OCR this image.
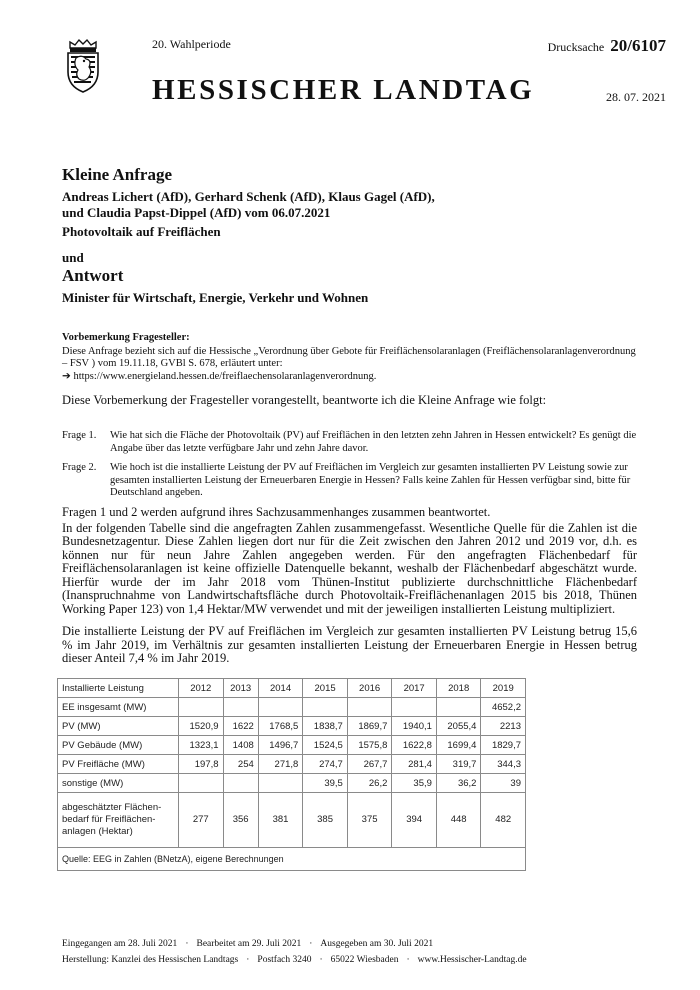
20. Wahlperiode	Drucksache 20/6107
HESSISCHER LANDTAG	28. 07. 2021
Kleine Anfrage
Andreas Lichert (AfD), Gerhard Schenk (AfD), Klaus Gagel (AfD),
und Claudia Papst-Dippel (AfD) vom 06.07.2021
Photovoltaik auf Freiflächen
und
Antwort
Minister für Wirtschaft, Energie, Verkehr und Wohnen
Vorbemerkung Fragesteller:

Diese Anfrage bezieht sich auf die Hessische „Verordnung über Gebote für Freiflächensolaranlagen (Freiflächensolaranlagenverordnung – FSV ) vom 19.11.18, GVBl S. 678, erläutert unter:

➔ https://www.energieland.hessen.de/freiflaechensolaranlagenverordnung.

Diese Vorbemerkung der Fragesteller vorangestellt, beantworte ich die Kleine Anfrage wie folgt:
Frage 1. Wie hat sich die Fläche der Photovoltaik (PV) auf Freiflächen in den letzten zehn Jahren in Hessen entwickelt? Es genügt die Angabe über das letzte verfügbare Jahr und zehn Jahre davor.
Frage 2. Wie hoch ist die installierte Leistung der PV auf Freiflächen im Vergleich zur gesamten installierten PV Leistung sowie zur gesamten installierten Leistung der Erneuerbaren Energie in Hessen? Falls keine Zahlen für Hessen verfügbar sind, bitte für Deutschland angeben.

Fragen 1 und 2 werden aufgrund ihres Sachzusammenhanges zusammen beantwortet.

In der folgenden Tabelle sind die angefragten Zahlen zusammengefasst. Wesentliche Quelle für die Zahlen ist die Bundesnetzagentur. Diese Zahlen liegen dort nur für die Zeit zwischen den Jahren 2012 und 2019 vor, d.h. es können nur für neun Jahre Zahlen angegeben werden. Für den angefragten Flächenbedarf für Freiflächensolaranlagen ist keine offizielle Datenquelle bekannt, weshalb der Flächenbedarf abgeschätzt wurde. Hierfür wurde der im Jahr 2018 vom Thünen-Institut publizierte durchschnittliche Flächenbedarf (Inanspruchnahme von Landwirtschaftsfläche durch Photovoltaik-Freiflächenanlagen 2015 bis 2018, Thünen Working Paper 123) von 1,4 Hektar/MW verwendet und mit der jeweiligen installierten Leistung multipliziert.

Die installierte Leistung der PV auf Freiflächen im Vergleich zur gesamten installierten PV Leistung betrug 15,6 % im Jahr 2019, im Verhältnis zur gesamten installierten Leistung der Erneuerbaren Energie in Hessen betrug dieser Anteil 7,4 % im Jahr 2019.

Installierte Leistung	2012	2013	2014	2015	2016	2017	2018	2019
EE insgesamt (MW)								4652,2
PV (MW)	1520,9	1622	1768,5	1838,7	1869,7	1940,1	2055,4	2213
PV Gebäude (MW)	1323,1	1408	1496,7	1524,5	1575,8	1622,8	1699,4	1829,7
PV Freifläche (MW)	197,8	254	271,8	274,7	267,7	281,4	319,7	344,3
sonstige (MW)				39,5	26,2	35,9	36,2	39

abgeschätzter Flächen-
bedarf für Freiflächen-
anlagen (Hektar)	277	356	381	385	375	394	448	482
Quelle: EEG in Zahlen (BNetzA), eigene Berechnungen								
Eingegangen am 28. Juli 2021 · Bearbeitet am 29. Juli 2021 · Ausgegeben am 30. Juli 2021
Herstellung: Kanzlei des Hessischen Landtags · Postfach 3240 · 65022 Wiesbaden · www.Hessischer-Landtag.de
